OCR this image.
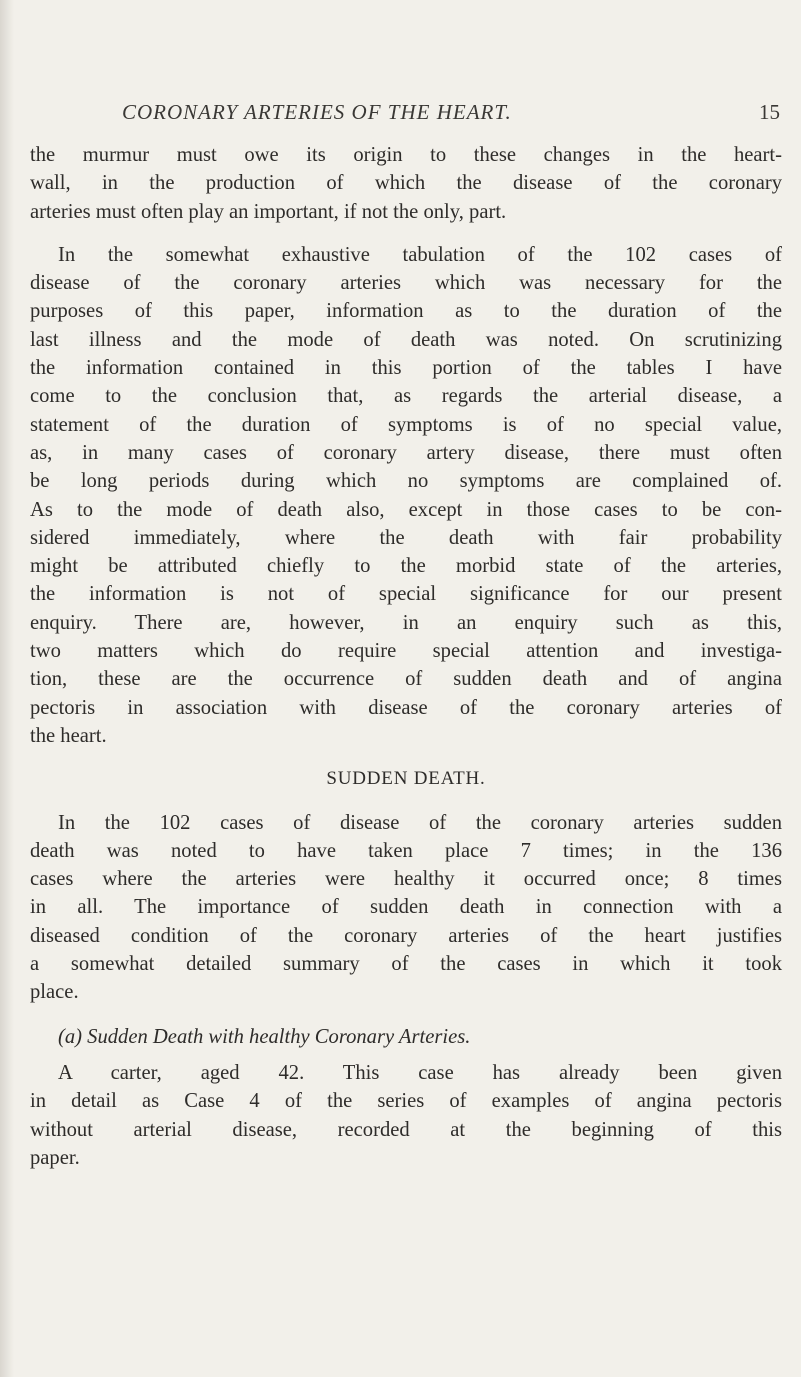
CORONARY ARTERIES OF THE HEART.	15

the murmur must owe its origin to these changes in the heart-
wall, in the production of which the disease of the coronary
arteries must often play an important, if not the only, part.

In the somewhat exhaustive tabulation of the 102 cases of
disease of the coronary arteries which was necessary for the
purposes of this paper, information as to the duration of the
last illness and the mode of death was noted. On scrutinizing
the information contained in this portion of the tables I have
come to the conclusion that, as regards the arterial disease, a
statement of the duration of symptoms is of no special value,
as, in many cases of coronary artery disease, there must often
be long periods during which no symptoms are complained of.
As to the mode of death also, except in those cases to be con-
sidered immediately, where the death with fair probability
might be attributed chiefly to the morbid state of the arteries,
the information is not of special significance for our present
enquiry. There are, however, in an enquiry such as this,
two matters which do require special attention and investiga-
tion, these are the occurrence of sudden death and of angina
pectoris in association with disease of the coronary arteries of
the heart.

SUDDEN DEATH.

In the 102 cases of disease of the coronary arteries sudden
death was noted to have taken place 7 times; in the 136
cases where the arteries were healthy it occurred once; 8 times
in all. The importance of sudden death in connection with a
diseased condition of the coronary arteries of the heart justifies
a somewhat detailed summary of the cases in which it took
place.

(a) Sudden Death with healthy Coronary Arteries.

A carter, aged 42. This case has already been given
in detail as Case 4 of the series of examples of angina pectoris
without arterial disease, recorded at the beginning of this
paper.
